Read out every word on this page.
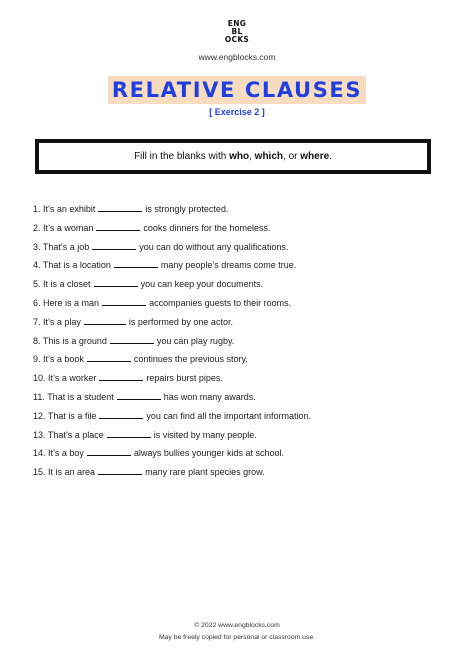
ENG
BL
OCKS
www.engblocks.com
RELATIVE CLAUSES
[ Exercise 2 ]
Fill in the blanks with who, which, or where.
1. It’s an exhibit	is strongly protected.
2. It’s a woman	cooks dinners for the homeless.
3. That’s a job	you can do without any qualifications.
4. That is a location	many people’s dreams come true.
5. It is a closet	you can keep your documents.
6. Here is a man	accompanies guests to their rooms.
7. It’s a play	is performed by one actor.
8. This is a ground	you can play rugby.
9. It’s a book	continues the previous story.
10. It’s a worker	repairs burst pipes.
11. That is a student	has won many awards.
12. That is a file	you can find all the important information.
13. That’s a place	is visited by many people.
14. It’s a boy	always bullies younger kids at school.
15. It is an area	many rare plant species grow.
© 2022 www.engblocks.com
May be freely copied for personal or classroom use.
